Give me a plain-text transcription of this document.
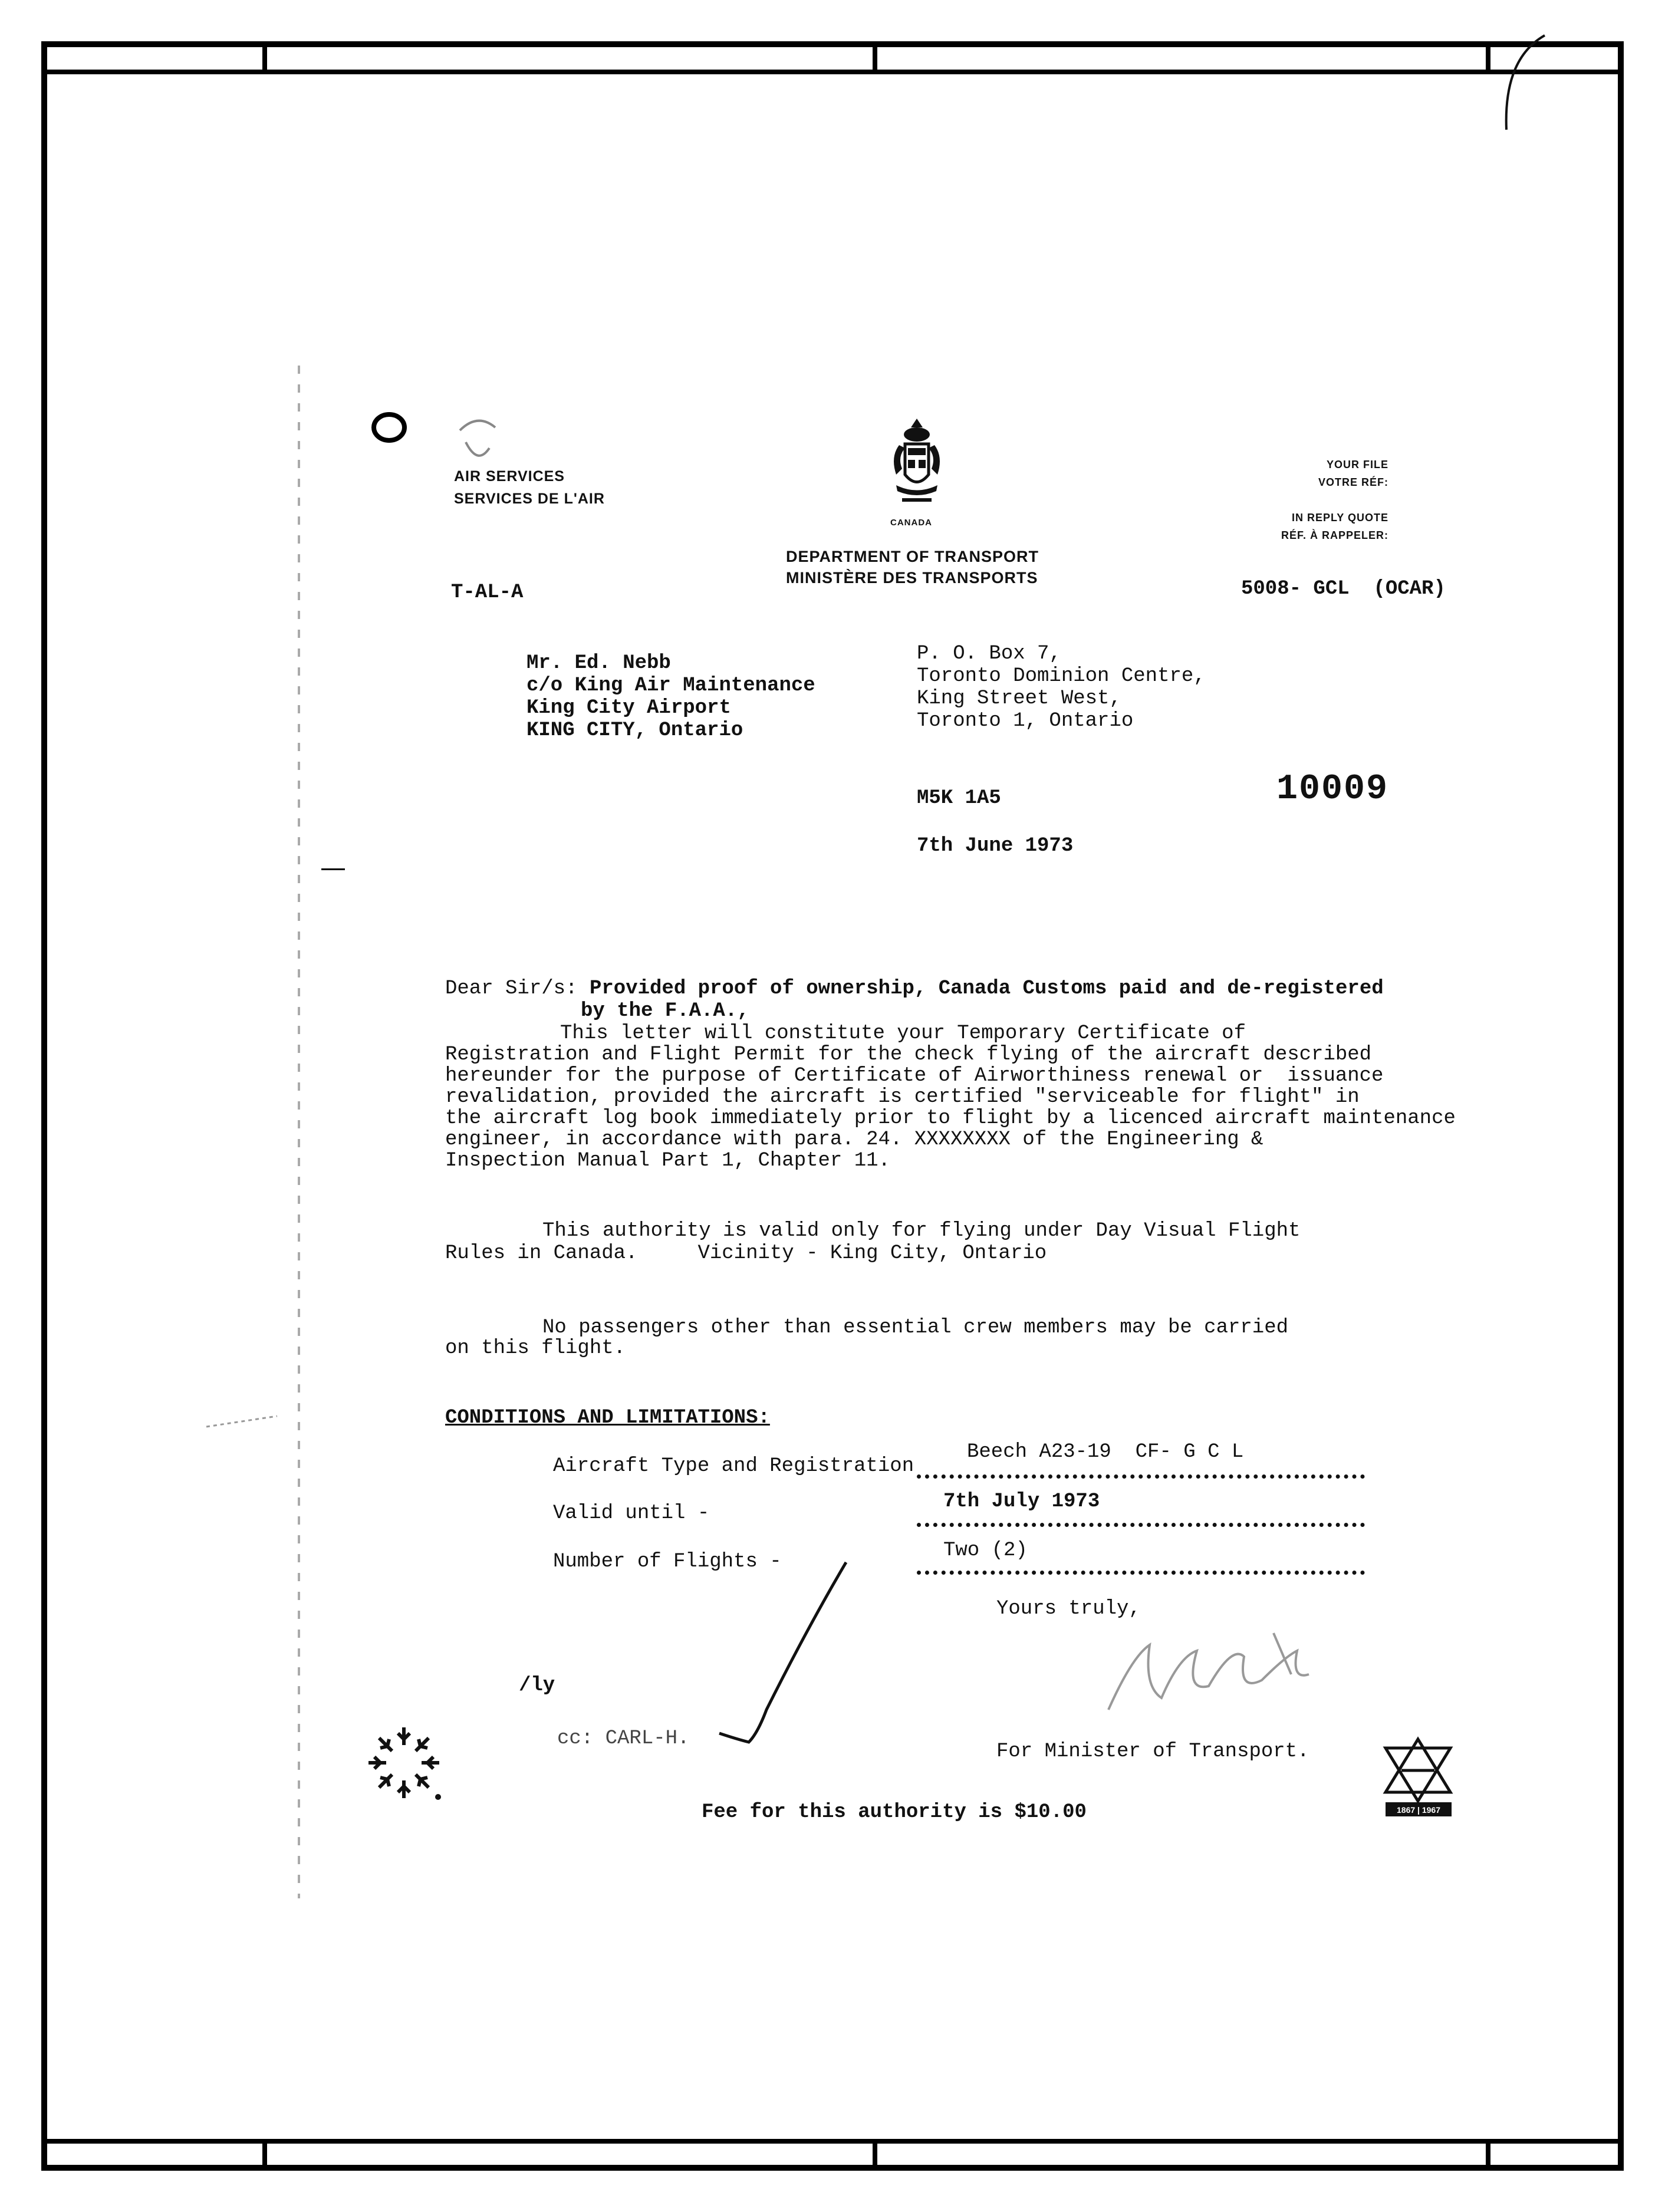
AIR SERVICES
SERVICES DE L'AIR
CANADA
DEPARTMENT OF TRANSPORT
MINISTÈRE DES TRANSPORTS
YOUR FILE
VOTRE RÉF:
IN REPLY QUOTE
RÉF. À RAPPELER:
5008- GCL  (OCAR)
T-AL-A
Mr. Ed. Nebb
c/o King Air Maintenance
King City Airport
KING CITY, Ontario
P. O. Box 7,
Toronto Dominion Centre,
King Street West,
Toronto 1, Ontario
M5K 1A5	10009
7th June 1973
Dear Sir/s: Provided proof of ownership, Canada Customs paid and de-registered
by the F.A.A.,
This letter will constitute your Temporary Certificate of
Registration and Flight Permit for the check flying of the aircraft described
hereunder for the purpose of Certificate of Airworthiness renewal or  issuance
revalidation, provided the aircraft is certified "serviceable for flight" in
the aircraft log book immediately prior to flight by a licenced aircraft maintenance
engineer, in accordance with para. 24. XXXXXXXX of the Engineering &
Inspection Manual Part 1, Chapter 11.
This authority is valid only for flying under Day Visual Flight
Rules in Canada.     Vicinity - King City, Ontario
No passengers other than essential crew members may be carried
on this flight.
CONDITIONS AND LIMITATIONS:
Aircraft Type and Registration
Beech A23-19  CF- G C L
Valid until -
7th July 1973
Number of Flights -	Two (2)
Yours truly,
/ly
cc: CARL-H.
For Minister of Transport.
1867 | 1967
Fee for this authority is $10.00
